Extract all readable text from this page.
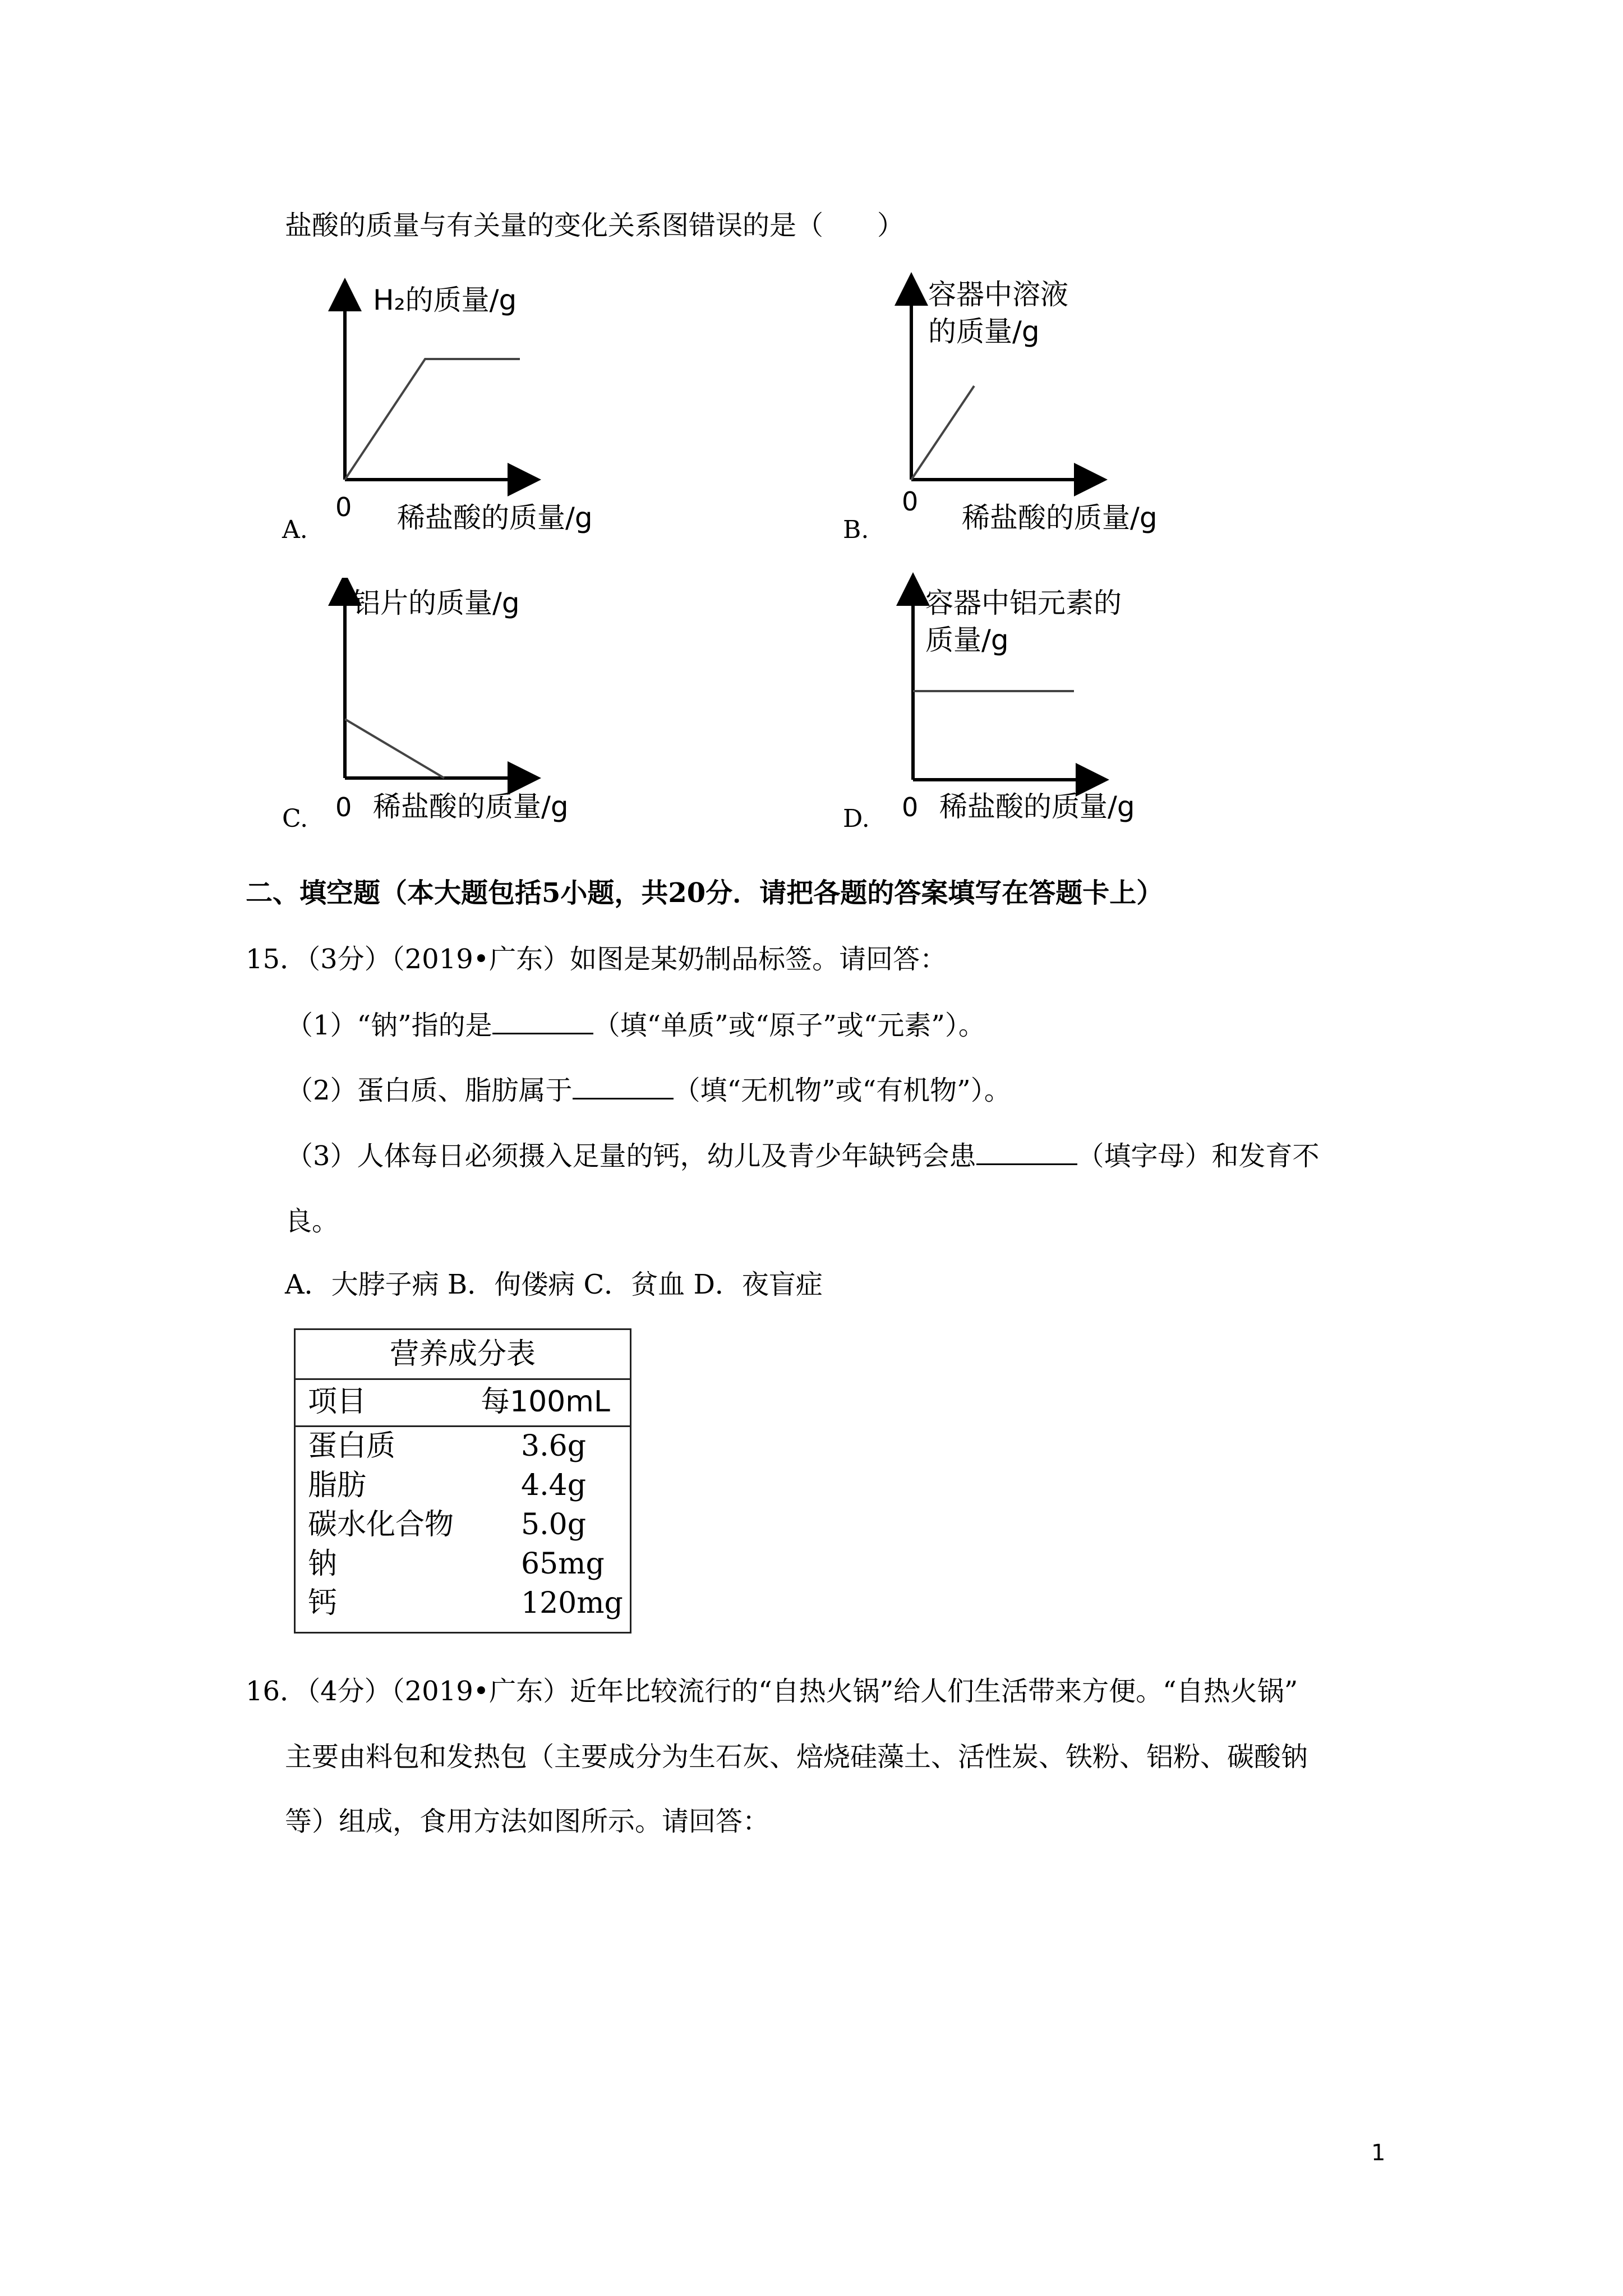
盐酸的质量与有关量的变化关系图错误的是（　　）
H₂的质量/g
0 稀盐酸的质量/g
A.
容器中溶液
的质量/g
0 稀盐酸的质量/g
B.
铝片的质量/g
0 稀盐酸的质量/g
C.
容器中铝元素的
质量/g
0 稀盐酸的质量/g
D.
二、填空题（本大题包括5小题，共20分．请把各题的答案填写在答题卡上）
15．（3分）（2019•广东）如图是某奶制品标签。请回答：
（1）“钠”指的是	（填“单质”或“原子”或“元素”）。
（2）蛋白质、脂肪属于	（填“无机物”或“有机物”）。
（3）人体每日必须摄入足量的钙，幼儿及青少年缺钙会患	（填字母）和发育不
良。
A．大脖子病 B．佝偻病 C．贫血 D．夜盲症
营养成分表
项目	每100mL
蛋白质	3.6g
脂肪	4.4g
碳水化合物 5.0g
钠	65mg
钙	120mg
16．（4分）（2019•广东）近年比较流行的“自热火锅”给人们生活带来方便。“自热火锅”
主要由料包和发热包（主要成分为生石灰、焙烧硅藻土、活性炭、铁粉、铝粉、碳酸钠
等）组成，食用方法如图所示。请回答：
1
